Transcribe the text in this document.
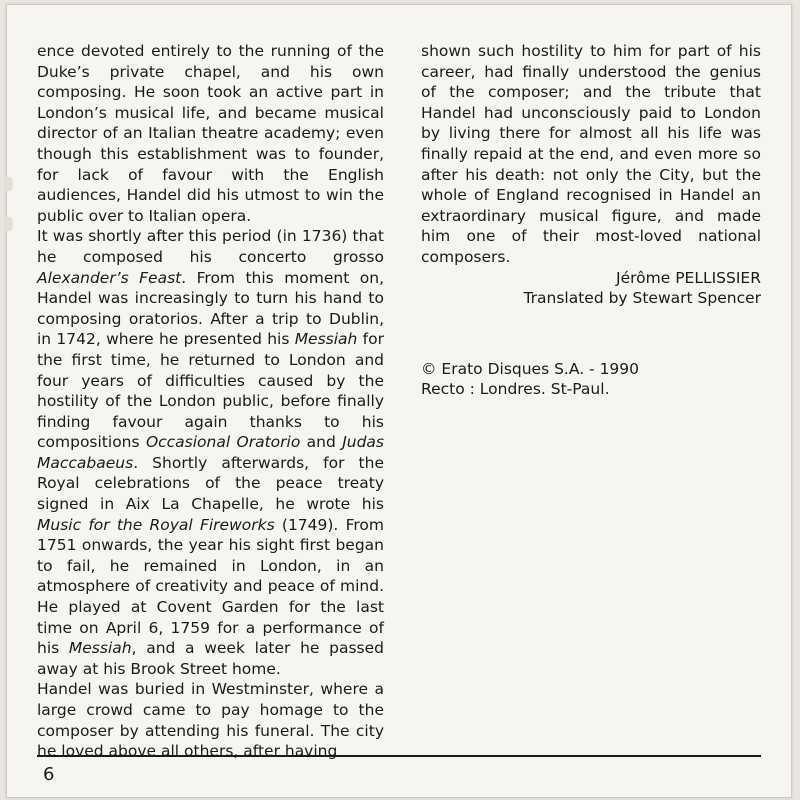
ence devoted entirely to the running of the Duke’s private chapel, and his own composing. He soon took an active part in London’s musical life, and became musical director of an Italian theatre academy; even though this establishment was to founder, for lack of favour with the English audiences, Handel did his utmost to win the public over to Italian opera.

It was shortly after this period (in 1736) that he composed his concerto grosso Alexander’s Feast. From this moment on, Handel was increasingly to turn his hand to composing oratorios. After a trip to Dublin, in 1742, where he presented his Messiah for the first time, he returned to London and four years of difficulties caused by the hostility of the London public, before finally finding favour again thanks to his compositions Occasional Oratorio and Judas Maccabaeus. Shortly afterwards, for the Royal celebrations of the peace treaty signed in Aix La Chapelle, he wrote his Music for the Royal Fireworks (1749). From 1751 onwards, the year his sight first began to fail, he remained in London, in an atmosphere of creativity and peace of mind. He played at Covent Garden for the last time on April 6, 1759 for a performance of his Messiah, and a week later he passed away at his Brook Street home.

Handel was buried in Westminster, where a large crowd came to pay homage to the composer by attending his funeral. The city he loved above all others, after having

shown such hostility to him for part of his career, had finally understood the genius of the composer; and the tribute that Handel had unconsciously paid to London by living there for almost all his life was finally repaid at the end, and even more so after his death: not only the City, but the whole of England recognised in Handel an extraordinary musical figure, and made him one of their most-loved national composers.

Jérôme PELLISSIER

Translated by Stewart Spencer

© Erato Disques S.A. - 1990

Recto : Londres. St-Paul.

6
